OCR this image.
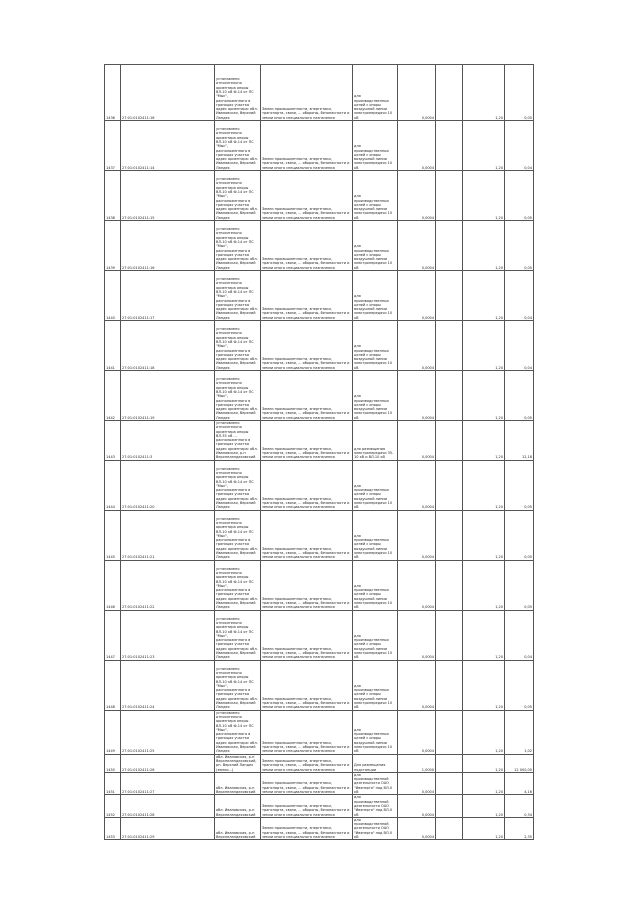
1436	27:01:0102411:16	установлено относительно ориентира опоры ВЛ-10 кВ Ф-14 от ПС "Мыс", расположенного в границах участка
адрес ориентира: обл. Ивановская, Верхний Ландех	Земли промышленности, энергетики, транспорта, связи, ... обороны, безопасности и земли иного специального назначения	для производственных целей с опоры воздушной линии электропередачи 10 кВ	0,0004		1,20	0,05
1437	27:01:0102411:14	установлено относительно ориентира опоры ВЛ-10 кВ Ф-14 от ПС "Мыс", расположенного в границах участка
адрес ориентира: обл. Ивановская, Верхний Ландех	Земли промышленности, энергетики, транспорта, связи, ... обороны, безопасности и земли иного специального назначения	для производственных целей с опоры воздушной линии электропередачи 10 кВ	0,0004		1,20	0,04
1438	27:01:0102411:15	установлено относительно ориентира опоры ВЛ-10 кВ Ф-14 от ПС "Мыс", расположенного в границах участка
адрес ориентира: обл. Ивановская, Верхний Ландех	Земли промышленности, энергетики, транспорта, связи, ... обороны, безопасности и земли иного специального назначения	для производственных целей с опоры воздушной линии электропередачи 10 кВ	0,0004		1,20	0,05
1439	27:01:0102411:16	установлено относительно ориентира опоры ВЛ-10 кВ Ф-14 от ПС "Мыс", расположенного в границах участка
адрес ориентира: обл. Ивановская, Верхний Ландех	Земли промышленности, энергетики, транспорта, связи, ... обороны, безопасности и земли иного специального назначения	для производственных целей с опоры воздушной линии электропередачи 10 кВ	0,0004		1,20	0,05
1440	27:01:0102411:17	установлено относительно ориентира опоры ВЛ-10 кВ Ф-14 от ПС "Мыс", расположенного в границах участка
адрес ориентира: обл. Ивановская, Верхний Ландех	Земли промышленности, энергетики, транспорта, связи, ... обороны, безопасности и земли иного специального назначения	для производственных целей с опоры воздушной линии электропередачи 10 кВ	0,0004		1,20	0,04
1441	27:01:0102411:18	установлено относительно ориентира опоры ВЛ-10 кВ Ф-14 от ПС "Мыс", расположенного в границах участка
адрес ориентира: обл. Ивановская, Верхний Ландех	Земли промышленности, энергетики, транспорта, связи, ... обороны, безопасности и земли иного специального назначения	для производственных целей с опоры воздушной линии электропередачи 10 кВ	0,0004		1,20	0,04
1442	27:01:0102411:19	установлено относительно ориентира опоры ВЛ-10 кВ Ф-14 от ПС "Мыс", расположенного в границах участка
адрес ориентира: обл. Ивановская, Верхний Ландех	Земли промышленности, энергетики, транспорта, связи, ... обороны, безопасности и земли иного специального назначения	для производственных целей с опоры воздушной линии электропередачи 10 кВ	0,0004		1,20	0,05
1443	27:01:0102411:3	установлено относительно ориентира опоры ВЛ-35 кВ ... расположенного в границах участка
адрес ориентира: обл. Ивановская, р-н Верхнеландеховский	Земли промышленности, энергетики, транспорта, связи, ... обороны, безопасности и земли иного специального назначения	для размещения электропередачи 35-10 кВ и ВЛ-10 кВ	0,0004		1,20	12,18
1444	27:01:0102411:20	установлено относительно ориентира опоры ВЛ-10 кВ Ф-14 от ПС "Мыс", расположенного в границах участка
адрес ориентира: обл. Ивановская, Верхний Ландех	Земли промышленности, энергетики, транспорта, связи, ... обороны, безопасности и земли иного специального назначения	для производственных целей с опоры воздушной линии электропередачи 10 кВ	0,0004		1,20	0,05
1445	27:01:0102411:21	установлено относительно ориентира опоры ВЛ-10 кВ Ф-14 от ПС "Мыс", расположенного в границах участка
адрес ориентира: обл. Ивановская, Верхний Ландех	Земли промышленности, энергетики, транспорта, связи, ... обороны, безопасности и земли иного специального назначения	для производственных целей с опоры воздушной линии электропередачи 10 кВ	0,0004		1,20	0,05
1446	27:01:0102411:22	установлено относительно ориентира опоры ВЛ-10 кВ Ф-14 от ПС "Мыс", расположенного в границах участка
адрес ориентира: обл. Ивановская, Верхний Ландех	Земли промышленности, энергетики, транспорта, связи, ... обороны, безопасности и земли иного специального назначения	для производственных целей с опоры воздушной линии электропередачи 10 кВ	0,0004		1,20	0,05
1447	27:01:0102411:23	установлено относительно ориентира опоры ВЛ-10 кВ Ф-14 от ПС "Мыс", расположенного в границах участка
адрес ориентира: обл. Ивановская, Верхний Ландех	Земли промышленности, энергетики, транспорта, связи, ... обороны, безопасности и земли иного специального назначения	для производственных целей с опоры воздушной линии электропередачи 10 кВ	0,0004		1,20	0,04
1448	27:01:0102411:24	установлено относительно ориентира опоры ВЛ-10 кВ Ф-14 от ПС "Мыс", расположенного в границах участка
адрес ориентира: обл. Ивановская, Верхний Ландех	Земли промышленности, энергетики, транспорта, связи, ... обороны, безопасности и земли иного специального назначения	для производственных целей с опоры воздушной линии электропередачи 10 кВ	0,0004		1,20	0,05
1449	27:01:0102411:25	установлено относительно ориентира опоры ВЛ-10 кВ Ф-14 от ПС "Мыс", расположенного в границах участка
адрес ориентира: обл. Ивановская, Верхний Ландех	Земли промышленности, энергетики, транспорта, связи, ... обороны, безопасности и земли иного специального назначения	для производственных целей с опоры воздушной линии электропередачи 10 кВ	0,0004		1,20	1,02
1450	27:01:0102411:26	обл. Ивановская, р-н Верхнеландеховский, рп. Верхний Ландех (земли...)	Земли промышленности, энергетики, транспорта, связи, ... обороны, безопасности и земли иного специального назначения	Для размещения подстанции	1,0000		1,20	12 000,00
1451	27:01:0102411:27	обл. Ивановская, р-н Верхнеландеховский	Земли промышленности, энергетики, транспорта, связи, ... обороны, безопасности и земли иного специального назначения	для производственной деятельности ОАО "Ивэнерго" под ВЛ-0 кВ	0,0004		1,20	4,16
1452	27:01:0102411:28	обл. Ивановская, р-н Верхнеландеховский	Земли промышленности, энергетики, транспорта, связи, ... обороны, безопасности и земли иного специального назначения	для производственной деятельности ОАО "Ивэнерго" под ВЛ-0 кВ	0,0004		1,20	0,34
1453	27:01:0102411:29	обл. Ивановская, р-н Верхнеландеховский	Земли промышленности, энергетики, транспорта, связи, ... обороны, безопасности и земли иного специального назначения	для производственной деятельности ОАО "Ивэнерго" под ВЛ-0 кВ	0,0004		1,20	2,35
